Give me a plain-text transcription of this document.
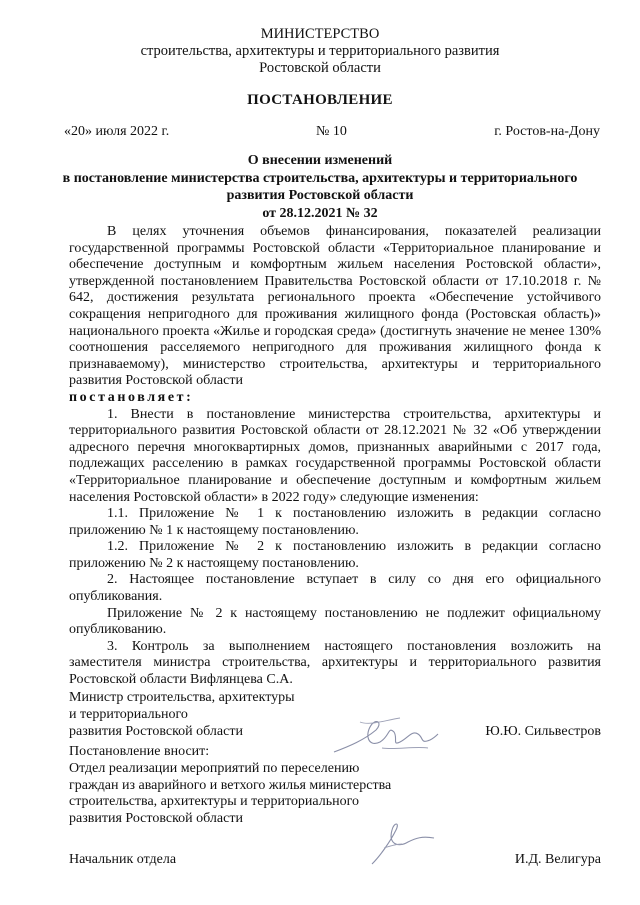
МИНИСТЕРСТВО
строительства, архитектуры и территориального развития
Ростовской области
ПОСТАНОВЛЕНИЕ
«20» июля 2022 г.	№ 10	г. Ростов-на-Дону
О внесении изменений
в постановление министерства строительства, архитектуры и территориального
развития Ростовской области
от 28.12.2021 № 32

В целях уточнения объемов финансирования, показателей реализации государственной программы Ростовской области «Территориальное планирование и обеспечение доступным и комфортным жильем населения Ростовской области», утвержденной постановлением Правительства Ростовской области от 17.10.2018 г. № 642, достижения результата регионального проекта «Обеспечение устойчивого сокращения непригодного для проживания жилищного фонда (Ростовская область)» национального проекта «Жилье и городская среда» (достигнуть значение не менее 130% соотношения расселяемого непригодного для проживания жилищного фонда к признаваемому), министерство строительства, архитектуры и территориального развития Ростовской области

постановляет:

1. Внести в постановление министерства строительства, архитектуры и территориального развития Ростовской области от 28.12.2021 № 32 «Об утверждении адресного перечня многоквартирных домов, признанных аварийными с 2017 года, подлежащих расселению в рамках государственной программы Ростовской области «Территориальное планирование и обеспечение доступным и комфортным жильем населения Ростовской области» в 2022 году» следующие изменения:

1.1. Приложение № 1 к постановлению изложить в редакции согласно приложению № 1 к настоящему постановлению.

1.2. Приложение № 2 к постановлению изложить в редакции согласно приложению № 2 к настоящему постановлению.

2. Настоящее постановление вступает в силу со дня его официального опубликования.

Приложение № 2 к настоящему постановлению не подлежит официальному опубликованию.

3. Контроль за выполнением настоящего постановления возложить на заместителя министра строительства, архитектуры и территориального развития Ростовской области Вифлянцева С.А.

Министр строительства, архитектуры
и территориального
развития Ростовской области	Ю.Ю. Сильвестров
Постановление вносит:
Отдел реализации мероприятий по переселению
граждан из аварийного и ветхого жилья министерства
строительства, архитектуры и территориального
развития Ростовской области
Начальник отдела	И.Д. Велигура
